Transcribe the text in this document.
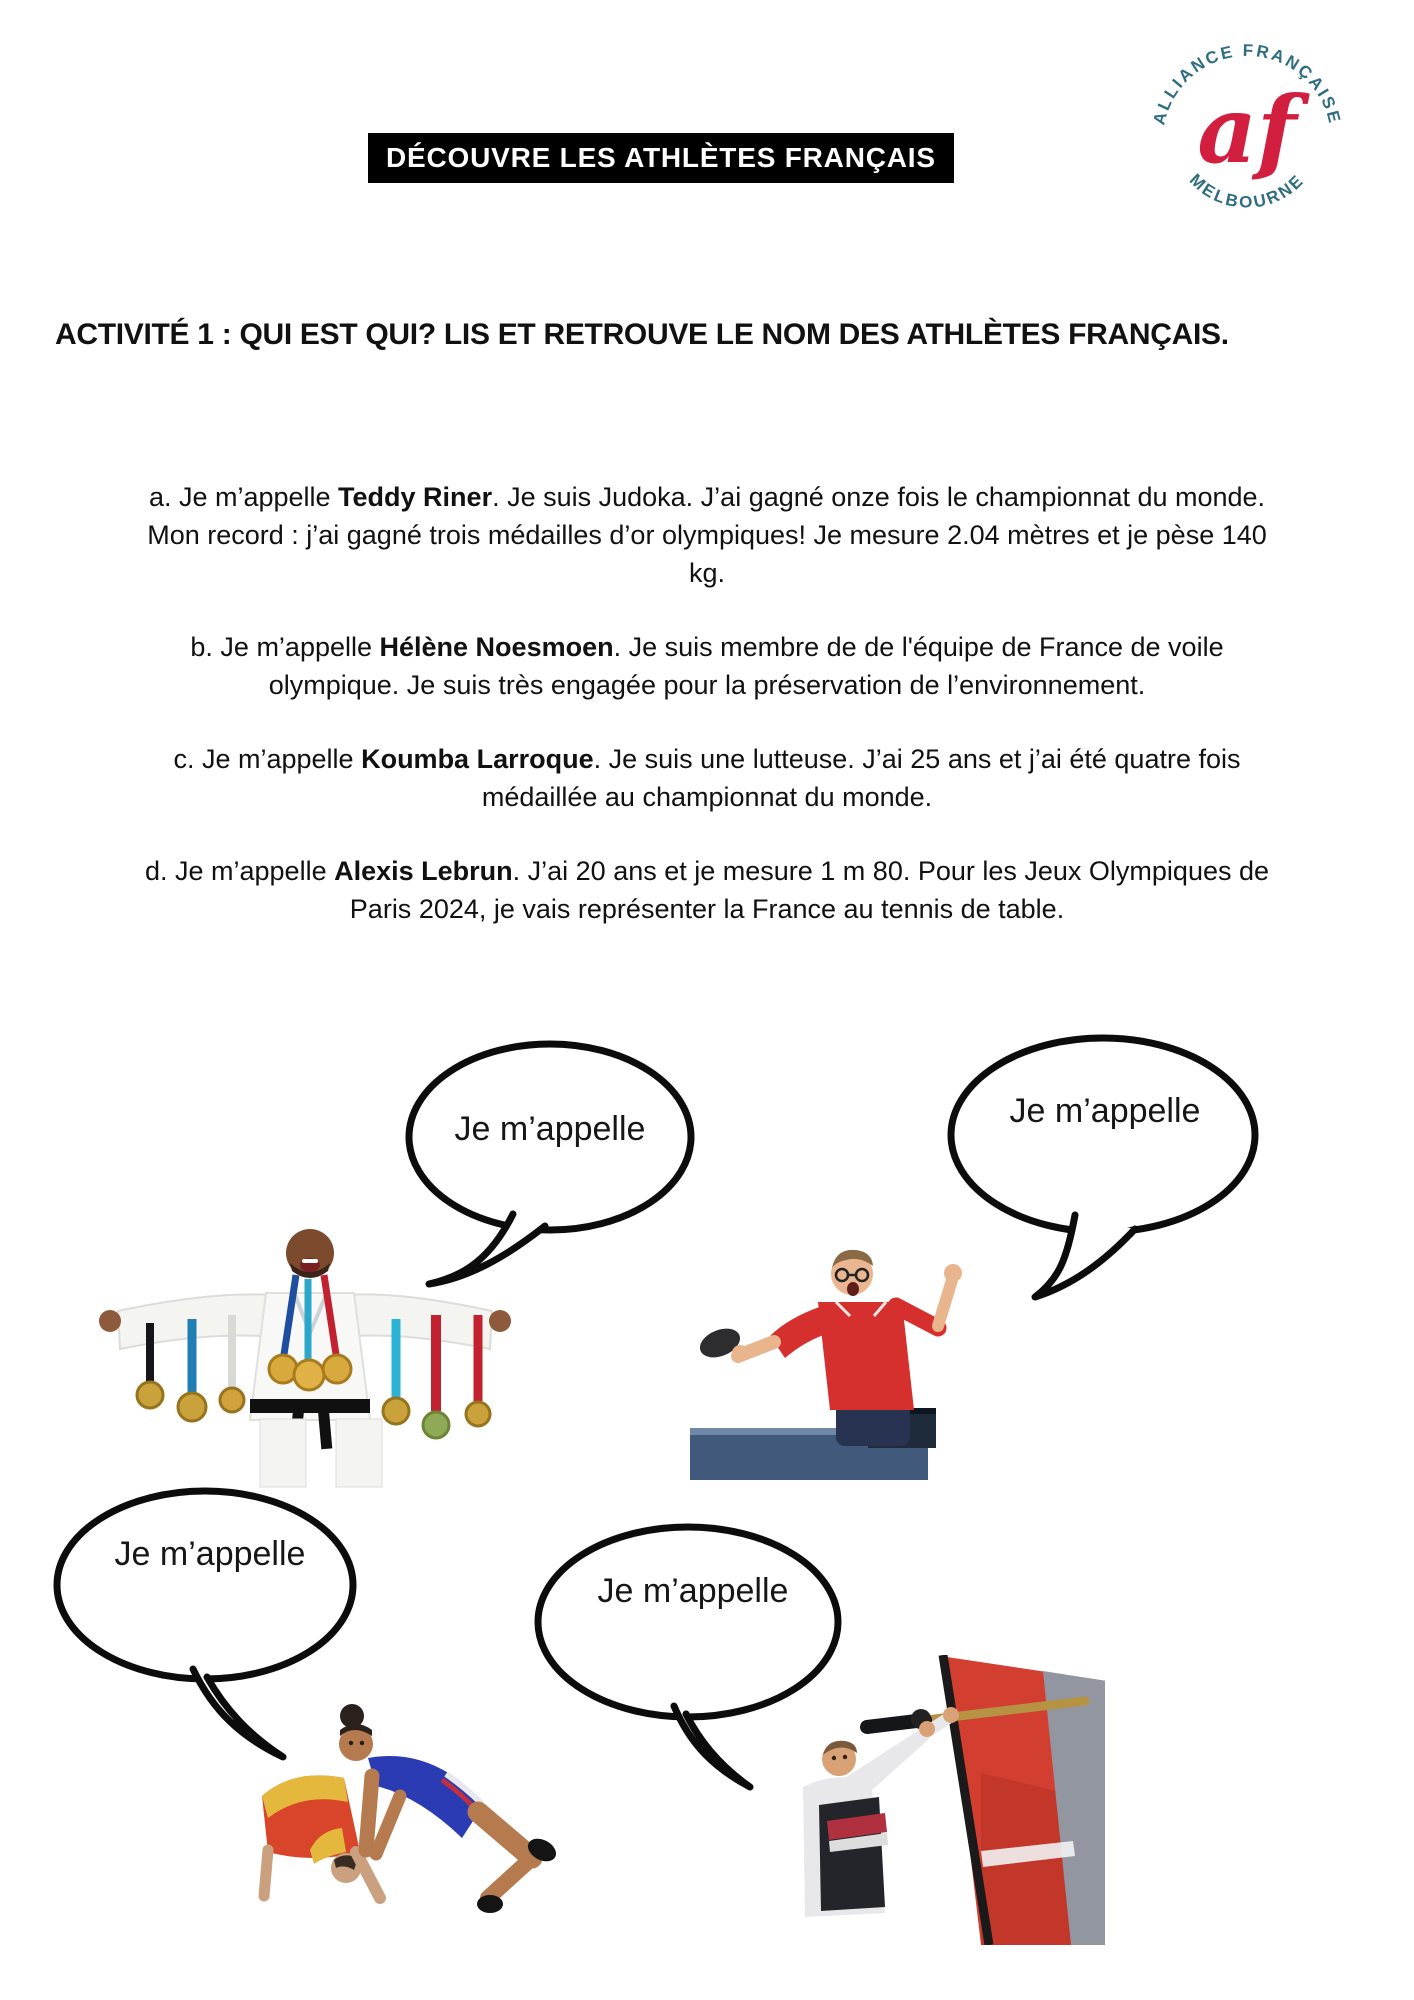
DÉCOUVRE LES ATHLÈTES FRANÇAIS
ALLIANCE FRANÇAISE
MELBOURNE
af
ACTIVITÉ 1 : QUI EST QUI? LIS ET RETROUVE LE NOM DES ATHLÈTES FRANÇAIS.

a. Je m’appelle Teddy Riner. Je suis Judoka. J’ai gagné onze fois le championnat du monde. Mon record : j’ai gagné trois médailles d’or olympiques! Je mesure 2.04 mètres et je pèse 140 kg.

b. Je m’appelle Hélène Noesmoen. Je suis membre de de l'équipe de France de voile olympique. Je suis très engagée pour la préservation de l’environnement.

c. Je m’appelle Koumba Larroque. Je suis une lutteuse. J’ai 25 ans et j’ai été quatre fois médaillée au championnat du monde.

d. Je m’appelle Alexis Lebrun. J’ai 20 ans et je mesure 1 m 80. Pour les Jeux Olympiques de Paris 2024, je vais représenter la France au tennis de table.

Je m’appelle	Je m’appelle
Je m’appelle
Je m’appelle
